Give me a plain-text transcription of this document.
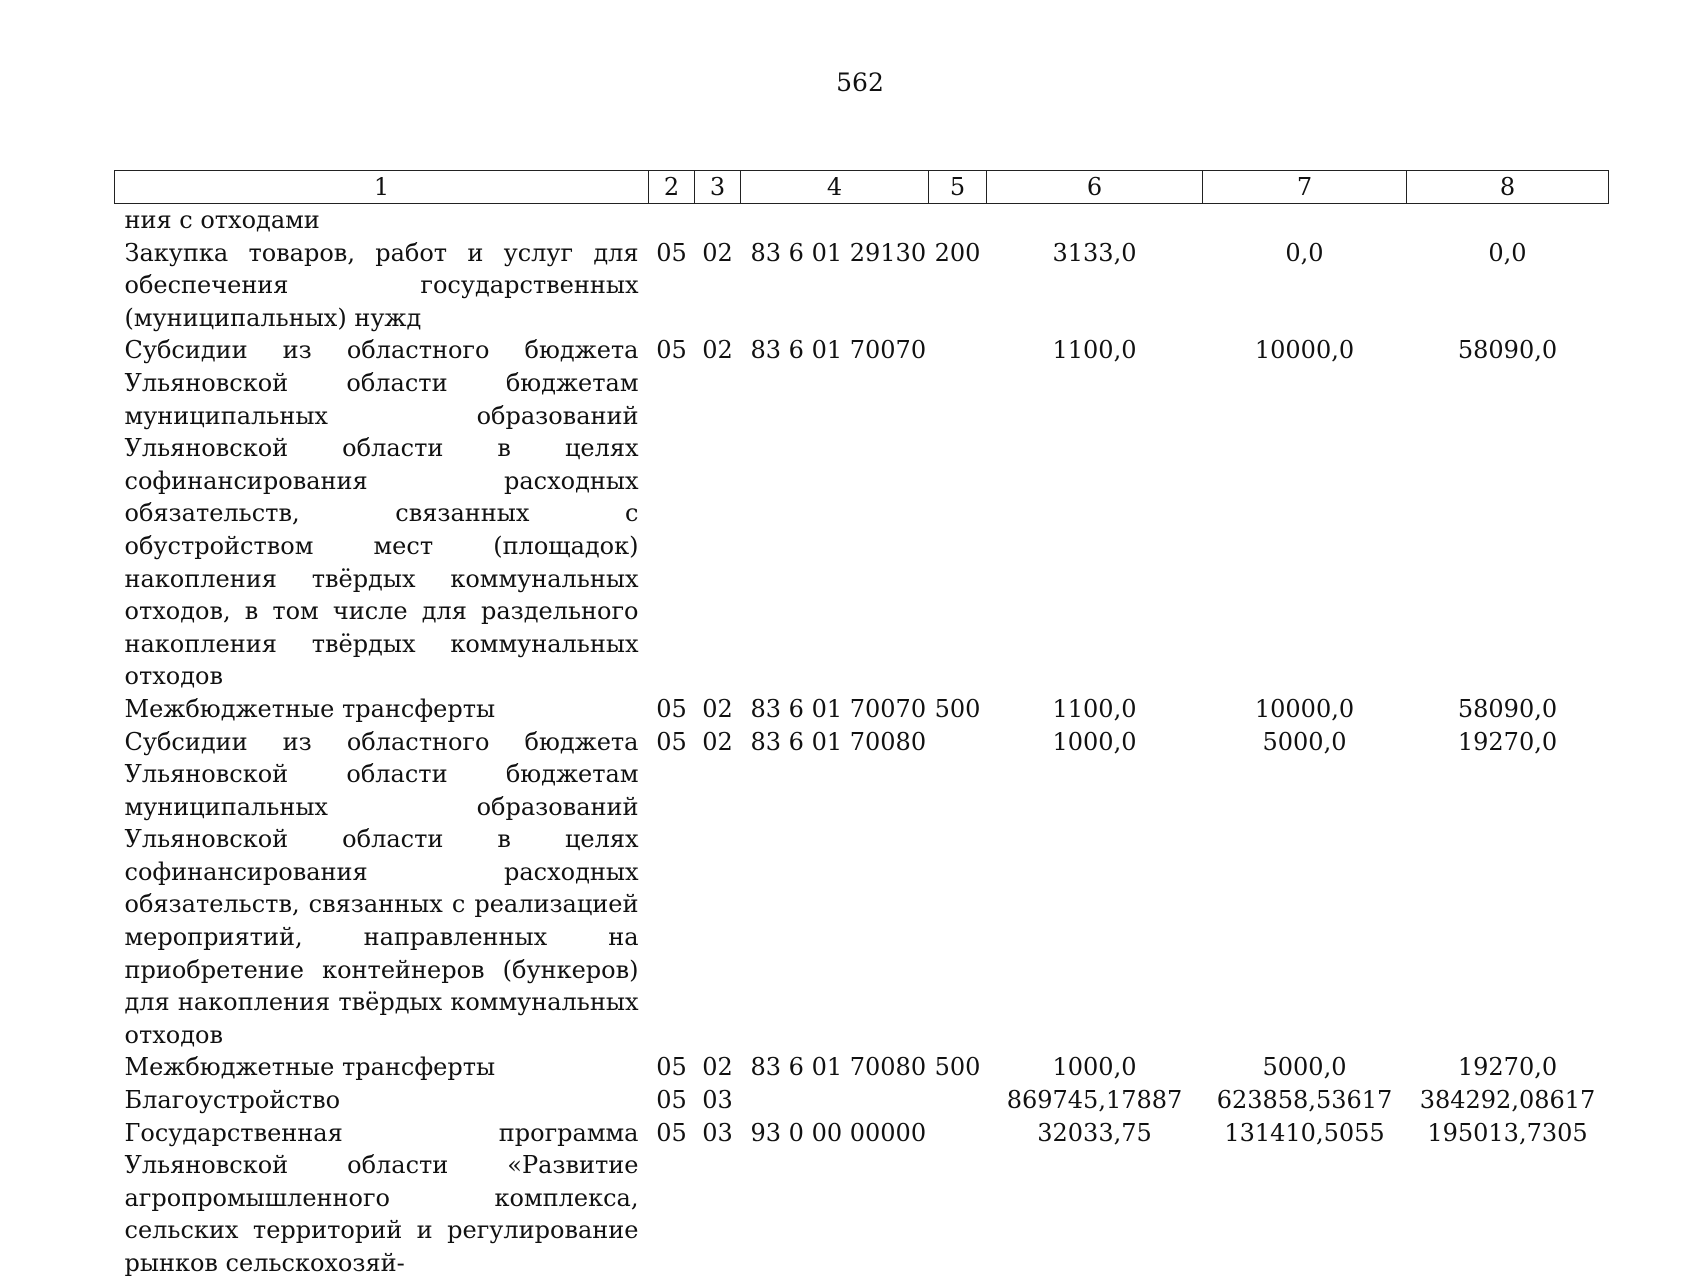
562
1	2	3	4	5	6	7	8
ния с отходами							
Закупка товаров, работ и услуг для обеспечения государственных (муниципальных) нужд	05	02	83 6 01 29130	200	3133,0	0,0	0,0
Субсидии из областного бюджета Ульяновской области бюджетам муниципальных образований Ульяновской области в целях софинансирования расходных обязательств, связанных с обустройством мест (площадок) накопления твёрдых коммунальных отходов, в том числе для раздельного накопления твёрдых коммунальных отходов	05	02	83 6 01 70070		1100,0	10000,0	58090,0
Межбюджетные трансферты	05	02	83 6 01 70070	500	1100,0	10000,0	58090,0
Субсидии из областного бюджета Ульяновской области бюджетам муниципальных образований Ульяновской области в целях софинансирования расходных обязательств, связанных с реализацией мероприятий, направленных на приобретение контейнеров (бункеров) для накопления твёрдых коммунальных отходов	05	02	83 6 01 70080		1000,0	5000,0	19270,0
Межбюджетные трансферты	05	02	83 6 01 70080	500	1000,0	5000,0	19270,0
Благоустройство	05	03			869745,17887	623858,53617	384292,08617
Государственная программа Ульяновской области «Развитие агропромышленного комплекса, сельских территорий и регулирование рынков сельскохозяй-	05	03	93 0 00 00000		32033,75	131410,5055	195013,7305
